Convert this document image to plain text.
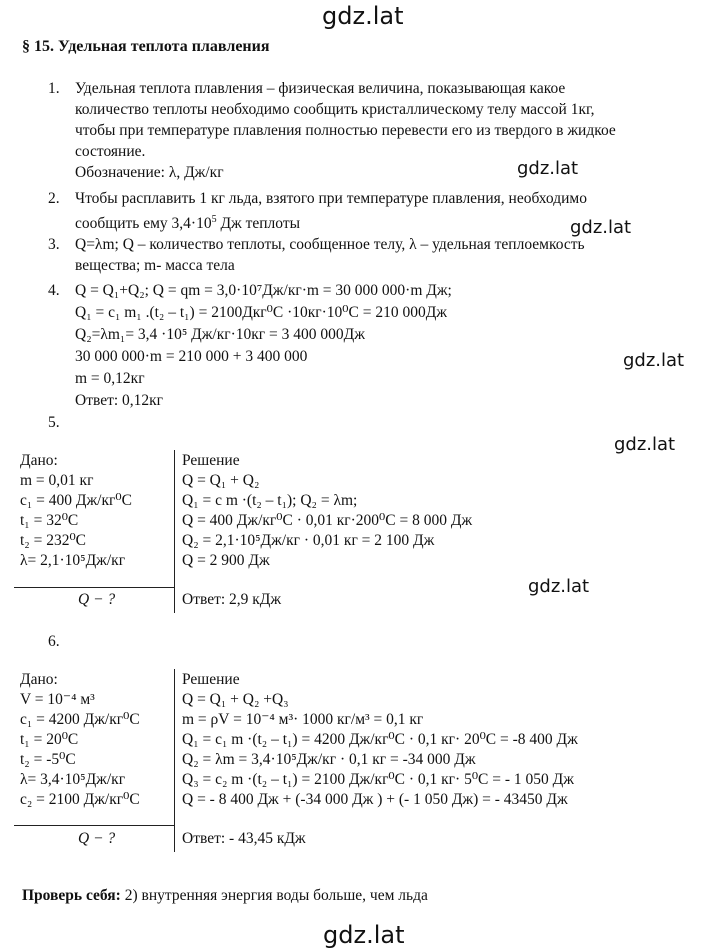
gdz.lat
gdz.lat
gdz.lat
gdz.lat
gdz.lat
gdz.lat
gdz.lat
§ 15. Удельная теплота плавления
1. Удельная теплота плавления – физическая величина, показывающая какое
количество теплоты необходимо сообщить кристаллическому телу массой 1кг,
чтобы при температуре плавления полностью перевести его из твердого в жидкое
состояние.
Обозначение: λ, Дж/кг
2. Чтобы расплавить 1 кг льда, взятого при температуре плавления, необходимо
сообщить ему $3,4\cdot 10^5$ Дж теплоты
3. Q=λm; Q – количество теплоты, сообщенное телу, λ – удельная теплоемкость
вещества; m- масса тела
4. Q = Q₁+Q₂; Q = qm = 3,0·10⁷Дж/кг·m = 30 000 000·m Дж;
Q₁ = c₁ m₁ .(t₂ – t₁) = 2100Дкг⁰С ·10кг·10⁰С = 210 000Дж
Q₂=λm₁= 3,4 ·10⁵ Дж/кг·10кг = 3 400 000Дж
30 000 000·m = 210 000 + 3 400 000
m = 0,12кг
Ответ: 0,12кг
5.
Дано:
m = 0,01 кг
c₁ = 400 Дж/кг⁰С
t₁ = 32⁰С
t₂ = 232⁰С
λ= 2,1·10⁵Дж/кг
Q − ?
Решение
Q = Q₁ + Q₂
Q₁ = c m ·(t₂ – t₁); Q₂ = λm;
Q = 400 Дж/кг⁰С · 0,01 кг·200⁰С = 8 000 Дж
Q₂ = 2,1·10⁵Дж/кг · 0,01 кг = 2 100 Дж
Q = 2 900 Дж
Ответ: 2,9 кДж
6.
Дано:
V = 10⁻⁴ м³
c₁ = 4200 Дж/кг⁰С
t₁ = 20⁰С
t₂ = -5⁰С
λ= 3,4·10⁵Дж/кг
c₂ = 2100 Дж/кг⁰С
Q − ?
Решение
Q = Q₁ + Q₂ +Q₃
m = ρV = 10⁻⁴ м³· 1000 кг/м³ = 0,1 кг
Q₁ = c₁ m ·(t₂ – t₁) = 4200 Дж/кг⁰С · 0,1 кг· 20⁰С = -8 400 Дж
Q₂ = λm = 3,4·10⁵Дж/кг · 0,1 кг = -34 000 Дж
Q₃ = c₂ m ·(t₂ – t₁) = 2100 Дж/кг⁰С · 0,1 кг· 5⁰С = - 1 050 Дж
Q = - 8 400 Дж + (-34 000 Дж ) + (- 1 050 Дж) = - 43450 Дж
Ответ: - 43,45 кДж
Проверь себя: 2) внутренняя энергия воды больше, чем льда
